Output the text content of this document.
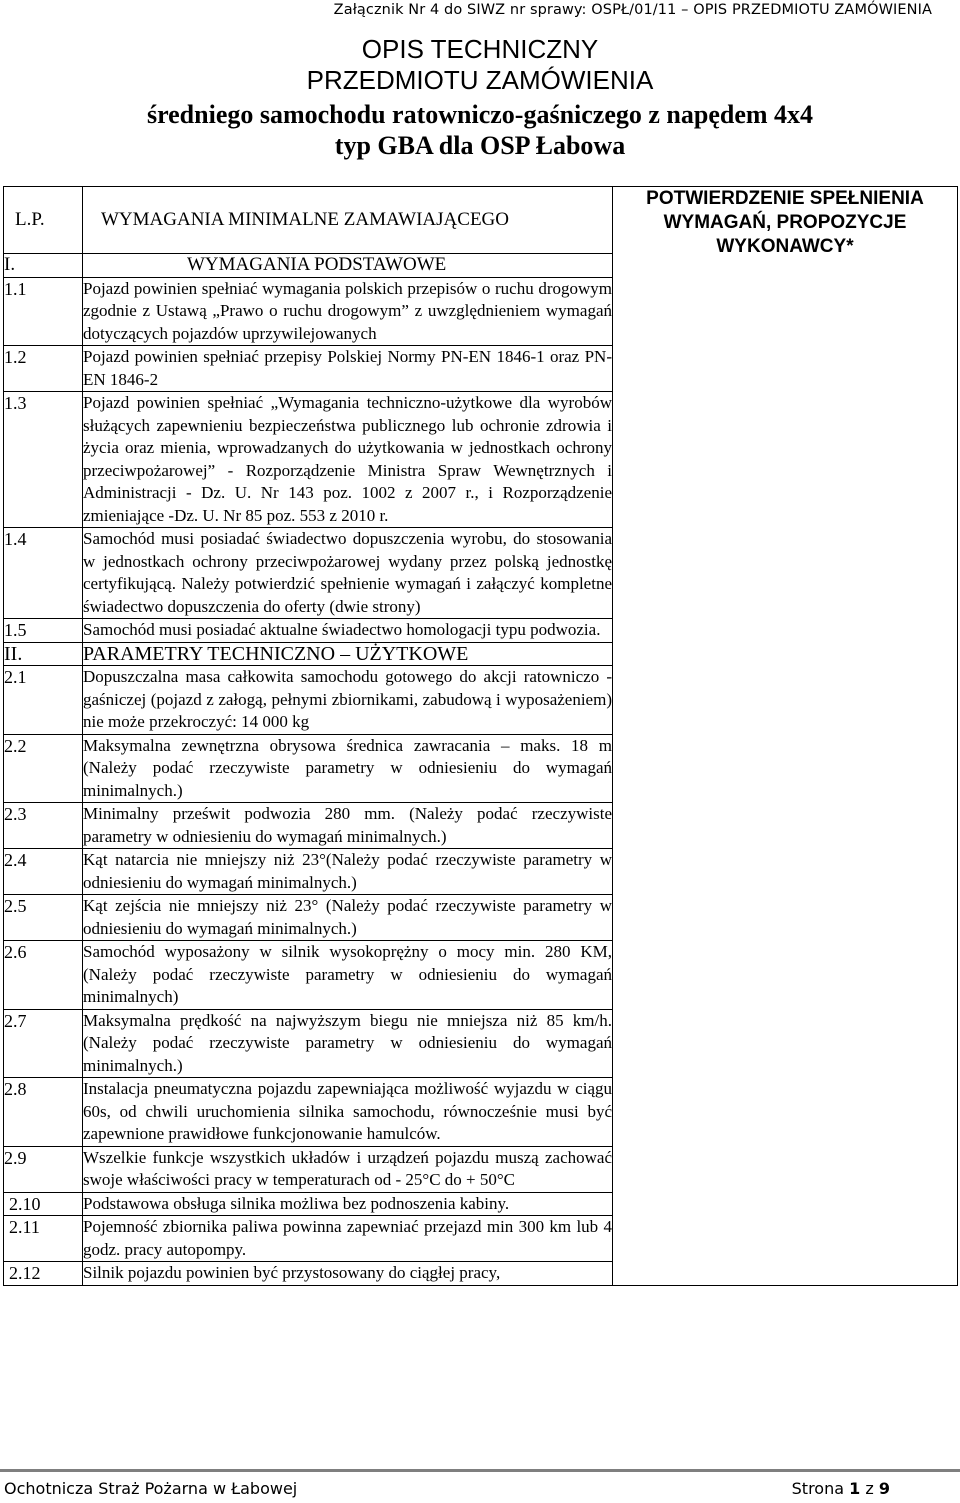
Załącznik Nr 4 do SIWZ nr sprawy: OSPŁ/01/11 – OPIS PRZEDMIOTU ZAMÓWIENIA
OPIS TECHNICZNY
PRZEDMIOTU ZAMÓWIENIA
średniego samochodu ratowniczo-gaśniczego z napędem 4x4
typ GBA dla OSP Łabowa
L.P.	WYMAGANIA MINIMALNE ZAMAWIAJĄCEGO	POTWIERDZENIE SPEŁNIENIA WYMAGAŃ, PROPOZYCJE WYKONAWCY*
I.	WYMAGANIA PODSTAWOWE	
1.1	Pojazd powinien spełniać wymagania polskich przepisów o ruchu drogowym zgodnie z Ustawą „Prawo o ruchu drogowym” z uwzględnieniem wymagań dotyczących pojazdów uprzywilejowanych	
1.2	Pojazd powinien spełniać przepisy Polskiej Normy PN-EN 1846-1 oraz PN-EN 1846-2	
1.3	Pojazd powinien spełniać „Wymagania techniczno-użytkowe dla wyrobów służących zapewnieniu bezpieczeństwa publicznego lub ochronie zdrowia i życia oraz mienia, wprowadzanych do użytkowania w jednostkach ochrony przeciwpożarowej” - Rozporządzenie Ministra Spraw Wewnętrznych i Administracji - Dz. U. Nr 143 poz. 1002 z 2007 r., i Rozporządzenie zmieniające -Dz. U. Nr 85 poz. 553 z 2010 r.	
1.4	Samochód musi posiadać świadectwo dopuszczenia wyrobu, do stosowania w jednostkach ochrony przeciwpożarowej wydany przez polską jednostkę certyfikującą. Należy potwierdzić spełnienie wymagań i załączyć kompletne świadectwo dopuszczenia do oferty (dwie strony)	
1.5	Samochód musi posiadać aktualne świadectwo homologacji typu podwozia.	
II.	PARAMETRY TECHNICZNO – UŻYTKOWE	
2.1	Dopuszczalna masa całkowita samochodu gotowego do akcji ratowniczo -gaśniczej (pojazd z załogą, pełnymi zbiornikami, zabudową i wyposażeniem) nie może przekroczyć: 14 000 kg	
2.2	Maksymalna zewnętrzna obrysowa średnica zawracania – maks. 18 m (Należy podać rzeczywiste parametry w odniesieniu do wymagań minimalnych.)	
2.3	Minimalny prześwit podwozia 280 mm. (Należy podać rzeczywiste parametry w odniesieniu do wymagań minimalnych.)	
2.4	Kąt natarcia nie mniejszy niż 23°(Należy podać rzeczywiste parametry w odniesieniu do wymagań minimalnych.)	
2.5	Kąt zejścia nie mniejszy niż 23° (Należy podać rzeczywiste parametry w odniesieniu do wymagań minimalnych.)	
2.6	Samochód wyposażony w silnik wysokoprężny o mocy min. 280 KM, (Należy podać rzeczywiste parametry w odniesieniu do wymagań minimalnych)	
2.7	Maksymalna prędkość na najwyższym biegu nie mniejsza niż 85 km/h. (Należy podać rzeczywiste parametry w odniesieniu do wymagań minimalnych.)	
2.8	Instalacja pneumatyczna pojazdu zapewniająca możliwość wyjazdu w ciągu 60s, od chwili uruchomienia silnika samochodu, równocześnie musi być zapewnione prawidłowe funkcjonowanie hamulców.	
2.9	Wszelkie funkcje wszystkich układów i urządzeń pojazdu muszą zachować swoje właściwości pracy w temperaturach od - 25°C do + 50°C	
2.10	Podstawowa obsługa silnika możliwa bez podnoszenia kabiny.	
2.11	Pojemność zbiornika paliwa powinna zapewniać przejazd min 300 km lub 4 godz. pracy autopompy.	
2.12	Silnik pojazdu powinien być przystosowany do ciągłej pracy,	
Ochotnicza Straż Pożarna w Łabowej	Strona 1 z 9
